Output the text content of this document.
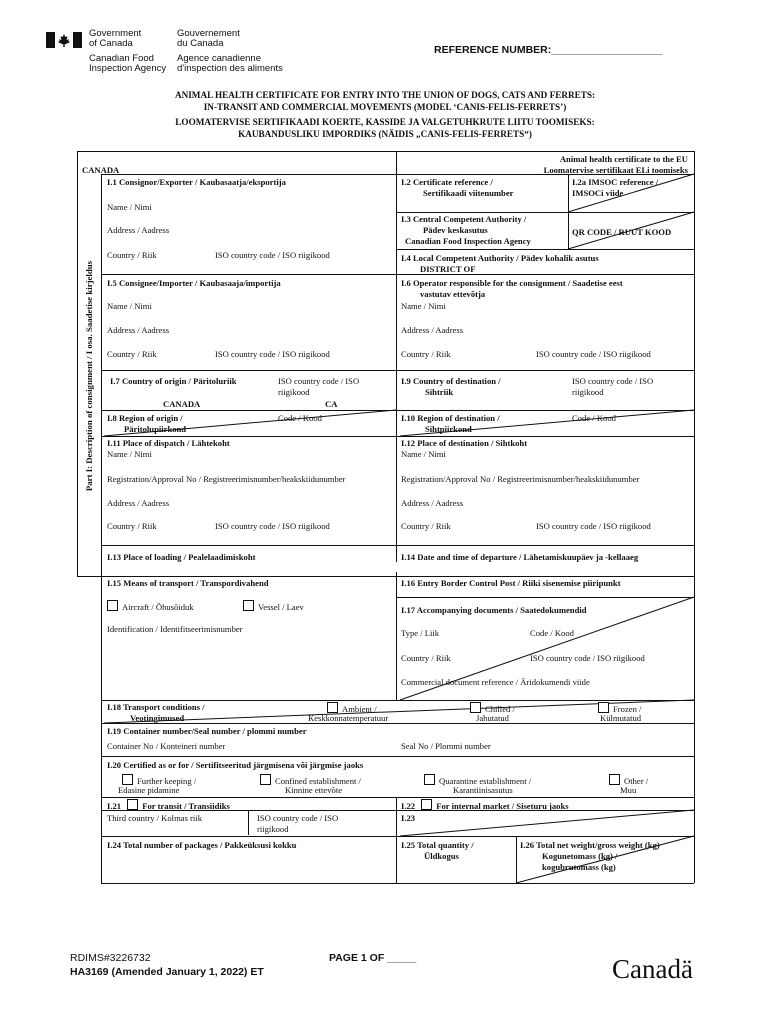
Government
of Canada
Gouvernement
du Canada
Canadian Food
Inspection Agency
Agence canadienne
d'inspection des aliments
REFERENCE NUMBER:___________________
ANIMAL HEALTH CERTIFICATE FOR ENTRY INTO THE UNION OF DOGS, CATS AND FERRETS:
IN-TRANSIT AND COMMERCIAL MOVEMENTS (MODEL ‘CANIS-FELIS-FERRETS’)
LOOMATERVISE SERTIFIKAADI KOERTE, KASSIDE JA VALGETUHKRUTE LIITU TOOMISEKS:
KAUBANDUSLIKU IMPORDIKS (NÄIDIS „CANIS-FELIS-FERRETS“)
CANADA
Animal health certificate to the EU
Loomatervise sertifikaat ELi toomiseks
Part I: Description of consignment / I osa. Saadetise kirjeldus
I.1 Consignor/Exporter / Kaubasaatja/eksportija
Name / Nimi
Address / Aadress
Country / Riik	ISO country code / ISO riigikood
I.2 Certificate reference /
Sertifikaadi viitenumber
I.2a IMSOC reference /
IMSOCi viide
I.3 Central Competent Authority /
Pädev keskasutus
Canadian Food Inspection Agency
QR CODE / RUUT KOOD
I.4 Local Competent Authority / Pädev kohalik asutus
DISTRICT OF
I.5 Consignee/Importer / Kaubasaaja/importija
Name / Nimi
Address / Aadress
Country / Riik	ISO country code / ISO riigikood
I.6 Operator responsible for the consignment / Saadetise eest
vastutav ettevõtja
Name / Nimi
Address / Aadress
Country / Riik	ISO country code / ISO riigikood
I.7 Country of origin / Päritoluriik	ISO country code / ISO
riigikood
CANADA	CA
I.8 Region of origin /
Päritolupiirkond
Code / Kood
I.9 Country of destination /
Sihtriik
ISO country code / ISO
riigikood
I.10 Region of destination /
Sihtpiirkond
Code / Kood
I.11 Place of dispatch / Lähtekoht
Name / Nimi
Registration/Approval No / Registreerimisnumber/heakskiidunumber
Address / Aadress
Country / Riik	ISO country code / ISO riigikood
I.12 Place of destination / Sihtkoht
Name / Nimi
Registration/Approval No / Registreerimisnumber/heakskiidunumber
Address / Aadress
Country / Riik	ISO country code / ISO riigikood
I.13 Place of loading / Pealelaadimiskoht	I.14 Date and time of departure / Lähetamiskuupäev ja -kellaaeg
I.15 Means of transport / Transpordivahend
Aircraft / Õhusõiduk	Vessel / Laev
Identification / Identifitseerimisnumber
I.16 Entry Border Control Post / Riiki sisenemise piiripunkt
I.17 Accompanying documents / Saatedokumendid
Type / Liik	Code / Kood
Country / Riik	ISO country code / ISO riigikood
Commercial document reference / Äridokumendi viide
I.18 Transport conditions /
Veotingimused
Ambient /
Keskkonnatemperatuur
Chilled /
Jahutatud
Frozen /
Külmutatud
I.19 Container number/Seal number / plommi number
Container No / Konteineri number	Seal No / Plommi number
I.20 Certified as or for / Sertifitseeritud järgmisena või järgmise jaoks
Further keeping /
Edasine pidamine
Confined establishment /
Kinnine ettevõte
Quarantine establishment /
Karantiinisasutus
Other /
Muu
I.21 For transit / Transiidiks
Third country / Kolmas riik	ISO country code / ISO
riigikood
I.22 For internal market / Siseturu jaoks
I.23
I.24 Total number of packages / Pakkeüksusi kokku	I.25 Total quantity /
Üldkogus
I.26 Total net weight/gross weight (kg)
Kogunetomass (kg) /
kogubrutomass (kg)
RDIMS#3226732	PAGE 1 OF _____
HA3169 (Amended January 1, 2022) ET	Canadä
